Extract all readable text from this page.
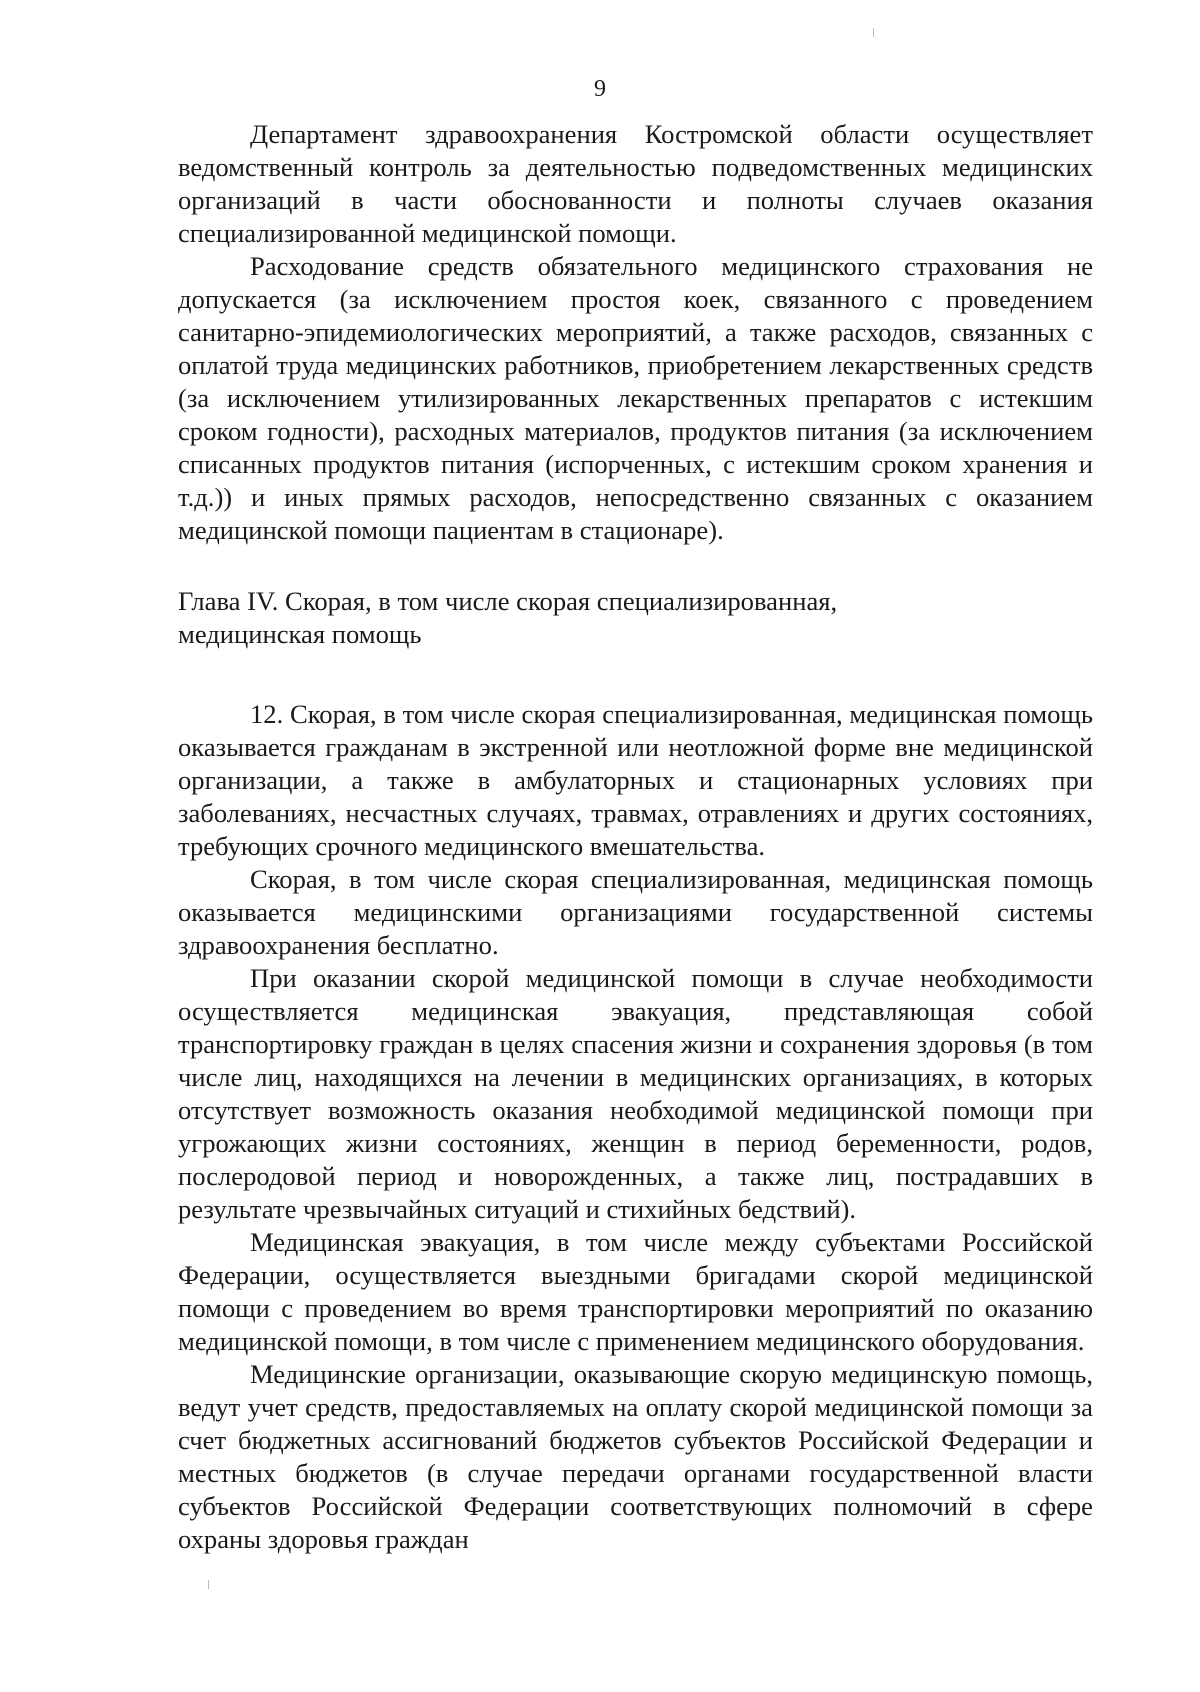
9

Департамент здравоохранения Костромской области осуществляет ведомственный контроль за деятельностью подведомственных медицинских организаций в части обоснованности и полноты случаев оказания специализированной медицинской помощи.

Расходование средств обязательного медицинского страхования не допускается (за исключением простоя коек, связанного с проведением санитарно-эпидемиологических мероприятий, а также расходов, связанных с оплатой труда медицинских работников, приобретением лекарственных средств (за исключением утилизированных лекарственных препаратов с истекшим сроком годности), расходных материалов, продуктов питания (за исключением списанных продуктов питания (испорченных, с истекшим сроком хранения и т.д.)) и иных прямых расходов, непосредственно связанных с оказанием медицинской помощи пациентам в стационаре).

Глава IV. Скорая, в том числе скорая специализированная,
медицинская помощь

12. Скорая, в том числе скорая специализированная, медицинская помощь оказывается гражданам в экстренной или неотложной форме вне медицинской организации, а также в амбулаторных и стационарных условиях при заболеваниях, несчастных случаях, травмах, отравлениях и других состояниях, требующих срочного медицинского вмешательства.

Скорая, в том числе скорая специализированная, медицинская помощь оказывается медицинскими организациями государственной системы здравоохранения бесплатно.

При оказании скорой медицинской помощи в случае необходимости осуществляется медицинская эвакуация, представляющая собой транспортировку граждан в целях спасения жизни и сохранения здоровья (в том числе лиц, находящихся на лечении в медицинских организациях, в которых отсутствует возможность оказания необходимой медицинской помощи при угрожающих жизни состояниях, женщин в период беременности, родов, послеродовой период и новорожденных, а также лиц, пострадавших в результате чрезвычайных ситуаций и стихийных бедствий).

Медицинская эвакуация, в том числе между субъектами Российской Федерации, осуществляется выездными бригадами скорой медицинской помощи с проведением во время транспортировки мероприятий по оказанию медицинской помощи, в том числе с применением медицинского оборудования.

Медицинские организации, оказывающие скорую медицинскую помощь, ведут учет средств, предоставляемых на оплату скорой медицинской помощи за счет бюджетных ассигнований бюджетов субъектов Российской Федерации и местных бюджетов (в случае передачи органами государственной власти субъектов Российской Федерации соответствующих полномочий в сфере охраны здоровья граждан
